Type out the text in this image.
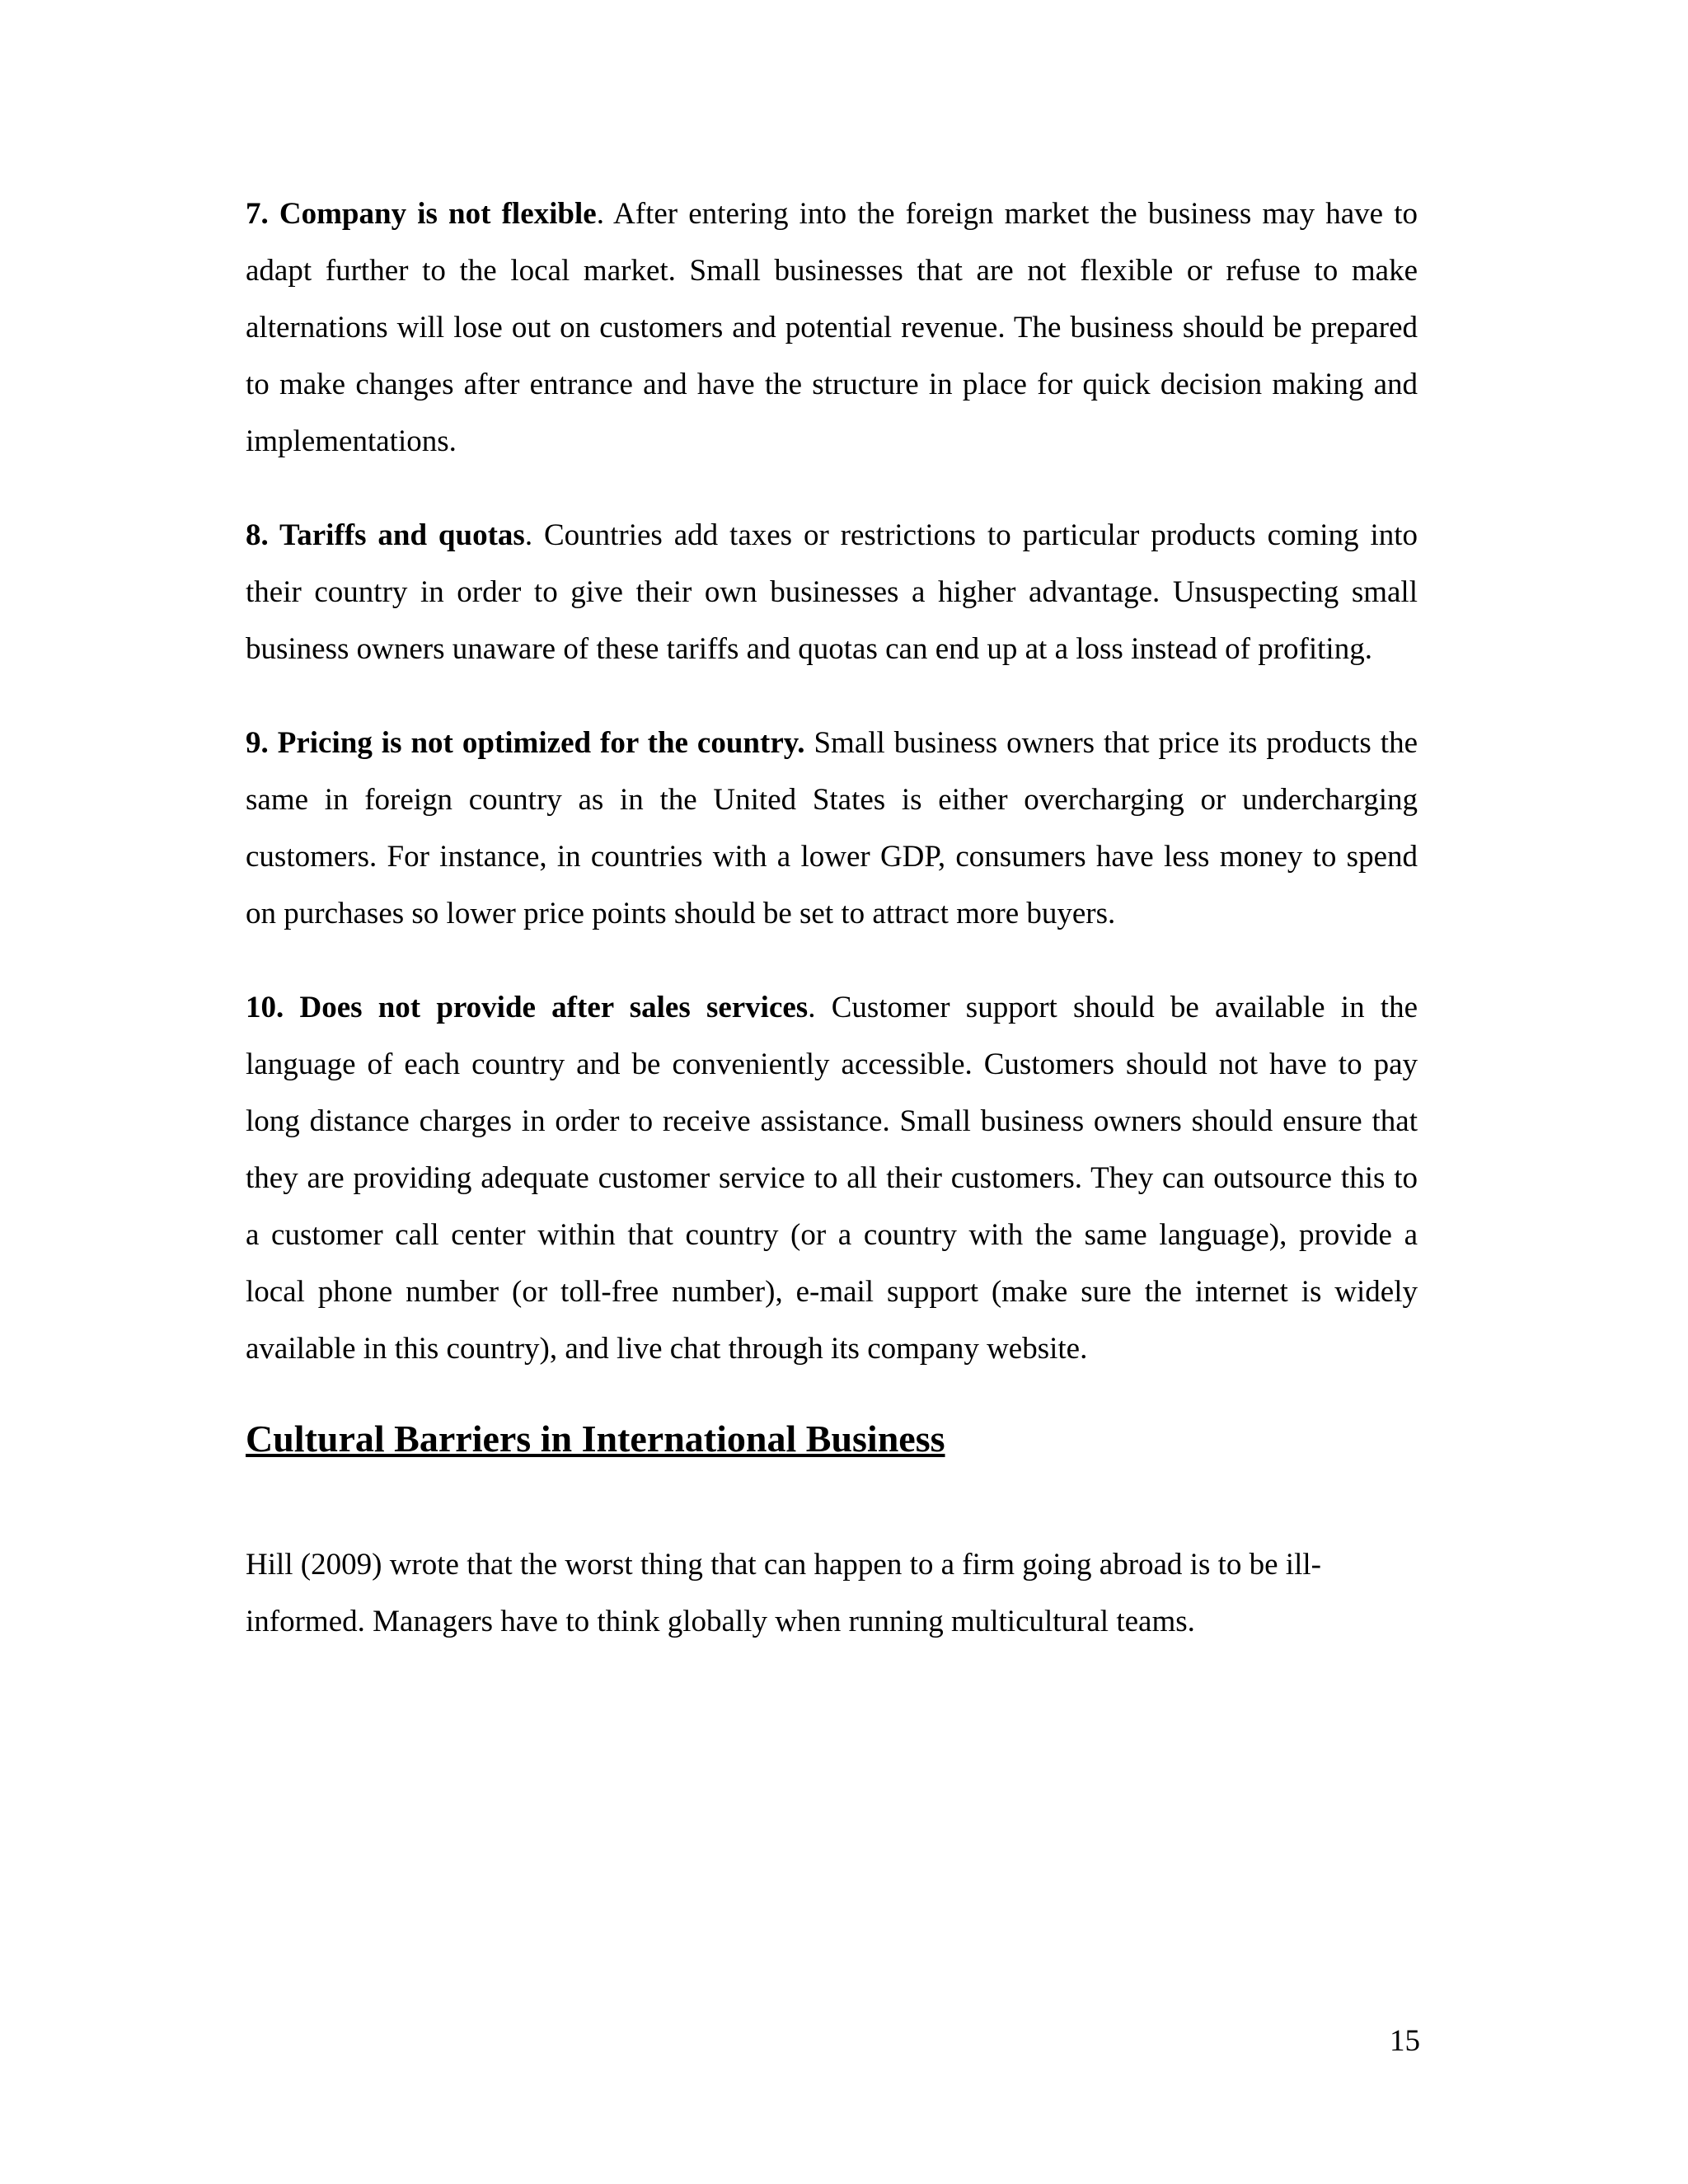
7. Company is not flexible. After entering into the foreign market the business may have to adapt further to the local market. Small businesses that are not flexible or refuse to make alternations will lose out on customers and potential revenue. The business should be prepared to make changes after entrance and have the structure in place for quick decision making and implementations.

8. Tariffs and quotas. Countries add taxes or restrictions to particular products coming into their country in order to give their own businesses a higher advantage. Unsuspecting small business owners unaware of these tariffs and quotas can end up at a loss instead of profiting.

9. Pricing is not optimized for the country. Small business owners that price its products the same in foreign country as in the United States is either overcharging or undercharging customers. For instance, in countries with a lower GDP, consumers have less money to spend on purchases so lower price points should be set to attract more buyers.

10. Does not provide after sales services. Customer support should be available in the language of each country and be conveniently accessible. Customers should not have to pay long distance charges in order to receive assistance. Small business owners should ensure that they are providing adequate customer service to all their customers. They can outsource this to a customer call center within that country (or a country with the same language), provide a local phone number (or toll-free number), e-mail support (make sure the internet is widely available in this country), and live chat through its company website.

Cultural Barriers in International Business

Hill (2009) wrote that the worst thing that can happen to a firm going abroad is to be ill-informed. Managers have to think globally when running multicultural teams.

15
